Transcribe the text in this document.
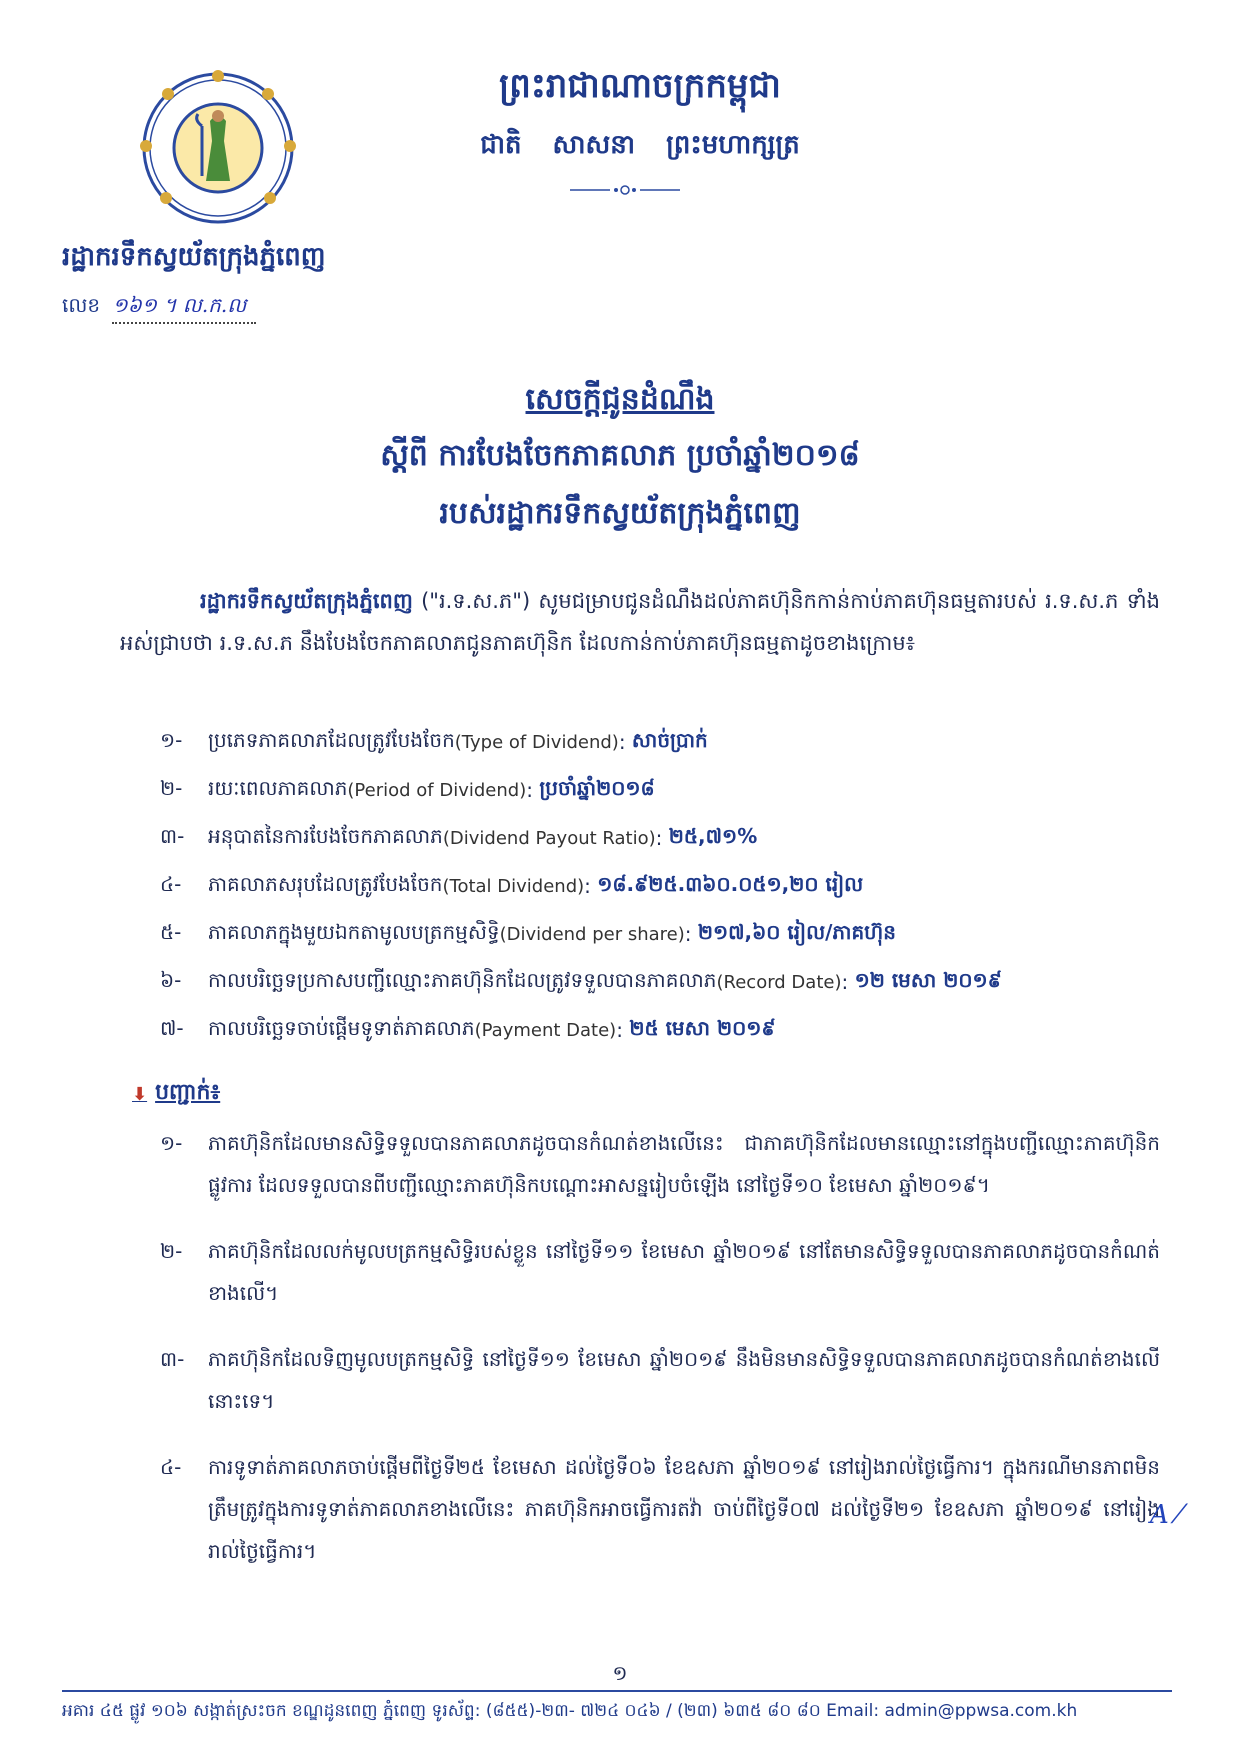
រដ្ឋាករទឹកស្វយ័តក្រុងភ្នំពេញ
លេខ ១៦១ ។ ល.ក.ល
ព្រះរាជាណាចក្រកម្ពុជា
ជាតិ សាសនា ព្រះមហាក្សត្រ
សេចក្តីជូនដំណឹង
ស្តីពី ការបែងចែកភាគលាភ ប្រចាំឆ្នាំ២០១៨
របស់រដ្ឋាករទឹកស្វយ័តក្រុងភ្នំពេញ
រដ្ឋាករទឹកស្វយ័តក្រុងភ្នំពេញ ("រ.ទ.ស.ភ") សូមជម្រាបជូនដំណឹងដល់ភាគហ៊ុនិកកាន់កាប់ភាគហ៊ុនធម្មតារបស់ រ.ទ.ស.ភ ទាំងអស់ជ្រាបថា រ.ទ.ស.ភ នឹងបែងចែកភាគលាភជូនភាគហ៊ុនិក ដែលកាន់កាប់ភាគហ៊ុនធម្មតាដូចខាងក្រោម៖
១-	ប្រភេទភាគលាភដែលត្រូវបែងចែក (Type of Dividend) : សាច់ប្រាក់
២-	រយៈពេលភាគលាភ (Period of Dividend) : ប្រចាំឆ្នាំ២០១៨
៣-	អនុបាតនៃការបែងចែកភាគលាភ (Dividend Payout Ratio) : ២៥,៧១%
៤-	ភាគលាភសរុបដែលត្រូវបែងចែក (Total Dividend) : ១៨.៩២៥.៣៦០.០៥១,២០ រៀល
៥-	ភាគលាភក្នុងមួយឯកតាមូលបត្រកម្មសិទ្ធិ (Dividend per share) : ២១៧,៦០ រៀល/ភាគហ៊ុន
៦-	កាលបរិច្ឆេទប្រកាសបញ្ជីឈ្មោះភាគហ៊ុនិកដែលត្រូវទទួលបានភាគលាភ (Record Date) : ១២ មេសា ២០១៩
៧-	កាលបរិច្ឆេទចាប់ផ្តើមទូទាត់ភាគលាភ (Payment Date) : ២៥ មេសា ២០១៩
⬇ បញ្ជាក់៖
១-	ភាគហ៊ុនិកដែលមានសិទ្ធិទទួលបានភាគលាភដូចបានកំណត់ខាងលើនេះ ជាភាគហ៊ុនិកដែលមានឈ្មោះនៅក្នុងបញ្ជីឈ្មោះភាគហ៊ុនិកផ្លូវការ ដែលទទួលបានពីបញ្ជីឈ្មោះភាគហ៊ុនិកបណ្តោះអាសន្នរៀបចំឡើង នៅថ្ងៃទី១០ ខែមេសា ឆ្នាំ២០១៩។
២-	ភាគហ៊ុនិកដែលលក់មូលបត្រកម្មសិទ្ធិរបស់ខ្លួន នៅថ្ងៃទី១១ ខែមេសា ឆ្នាំ២០១៩ នៅតែមានសិទ្ធិទទួលបានភាគលាភដូចបានកំណត់ខាងលើ។
៣-	ភាគហ៊ុនិកដែលទិញមូលបត្រកម្មសិទ្ធិ នៅថ្ងៃទី១១ ខែមេសា ឆ្នាំ២០១៩ នឹងមិនមានសិទ្ធិទទួលបានភាគលាភដូចបានកំណត់ខាងលើនោះទេ។
៤-	ការទូទាត់ភាគលាភចាប់ផ្តើមពីថ្ងៃទី២៥ ខែមេសា ដល់ថ្ងៃទី០៦ ខែឧសភា ឆ្នាំ២០១៩ នៅរៀងរាល់ថ្ងៃធ្វើការ។ ក្នុងករណីមានភាពមិនត្រឹមត្រូវក្នុងការទូទាត់ភាគលាភខាងលើនេះ ភាគហ៊ុនិកអាចធ្វើការតវ៉ា ចាប់ពីថ្ងៃទី០៧ ដល់ថ្ងៃទី២១ ខែឧសភា ឆ្នាំ២០១៩ នៅរៀងរាល់ថ្ងៃធ្វើការ។
A ⁄
១
អគារ ៤៥ ផ្លូវ ១០៦ សង្កាត់ស្រះចក ខណ្ឌដូនពេញ ភ្នំពេញ ទូរស័ព្ទ: (៨៥៥)-២៣- ៧២៤ ០៤៦ / (២៣) ៦៣៥ ៨០ ៨០ Email: admin@ppwsa.com.kh
